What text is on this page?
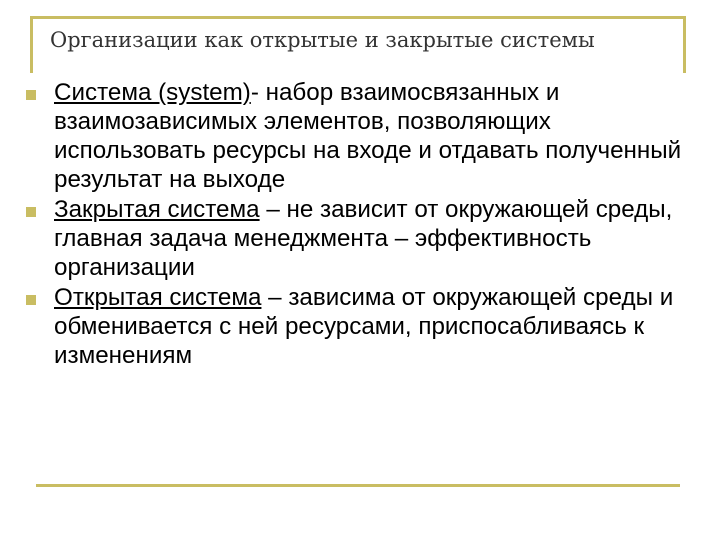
Организации как открытые и закрытые системы
Система (system)- набор взаимосвязанных и взаимозависимых элементов, позволяющих использовать ресурсы на входе и отдавать полученный результат на выходе
Закрытая система – не зависит от окружающей среды, главная задача менеджмента – эффективность организации
Открытая система – зависима от окружающей среды и обменивается с ней ресурсами, приспосабливаясь к изменениям
